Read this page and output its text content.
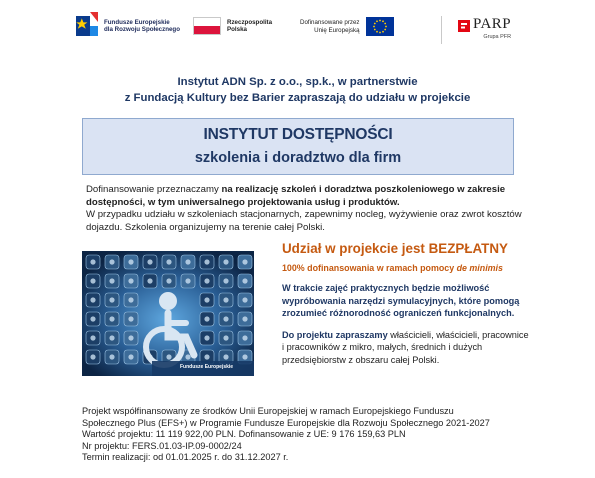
Fundusze Europejskie
dla Rozwoju Społecznego
Rzeczpospolita
Polska
Dofinansowane przez
Unię Europejską	PARP
Grupa PFR
Instytut ADN Sp. z o.o., sp.k., w partnerstwie
z Fundacją Kultury bez Barier zapraszają do udziału w projekcie
INSTYTUT DOSTĘPNOŚCI
szkolenia i doradztwo dla firm
Dofinansowanie przeznaczamy na realizację szkoleń i doradztwa poszkoleniowego w zakresie dostępności, w tym uniwersalnego projektowania usług i produktów.
W przypadku udziału w szkoleniach stacjonarnych, zapewnimy nocleg, wyżywienie oraz zwrot kosztów dojazdu. Szkolenia organizujemy na terenie całej Polski.
Fundusze Europejskie
Udział w projekcie jest BEZPŁATNY
100% dofinansowania w ramach pomocy de minimis
W trakcie zajęć praktycznych będzie możliwość wypróbowania narzędzi symulacyjnych, które pomogą zrozumieć różnorodność ograniczeń funkcjonalnych.
Do projektu zapraszamy właścicieli, właścicieli, pracownice i pracowników z mikro, małych, średnich i dużych przedsiębiorstw z obszaru całej Polski.
Projekt współfinansowany ze środków Unii Europejskiej w ramach Europejskiego Funduszu
Społecznego Plus (EFS+) w Programie Fundusze Europejskie dla Rozwoju Społecznego 2021-2027
Wartość projektu: 11 119 922,00 PLN. Dofinansowanie z UE: 9 176 159,63 PLN
Nr projektu: FERS.01.03-IP.09-0002/24
Termin realizacji: od 01.01.2025 r. do 31.12.2027 r.
